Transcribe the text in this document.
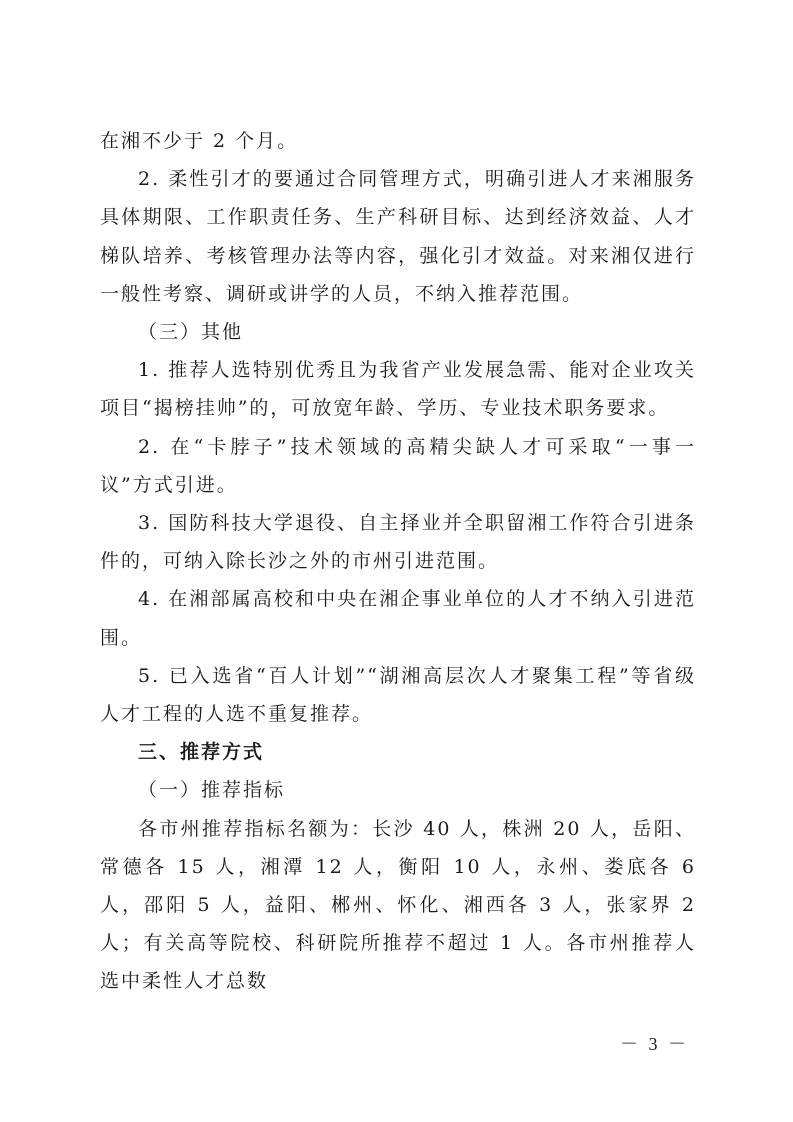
在湘不少于 2 个月。

2. 柔性引才的要通过合同管理方式，明确引进人才来湘服务具体期限、工作职责任务、生产科研目标、达到经济效益、人才梯队培养、考核管理办法等内容，强化引才效益。对来湘仅进行一般性考察、调研或讲学的人员，不纳入推荐范围。

（三）其他

1. 推荐人选特别优秀且为我省产业发展急需、能对企业攻关项目“揭榜挂帅”的，可放宽年龄、学历、专业技术职务要求。

2. 在“卡脖子”技术领域的高精尖缺人才可采取“一事一议”方式引进。

3. 国防科技大学退役、自主择业并全职留湘工作符合引进条件的，可纳入除长沙之外的市州引进范围。

4. 在湘部属高校和中央在湘企事业单位的人才不纳入引进范围。

5. 已入选省“百人计划”“湖湘高层次人才聚集工程”等省级人才工程的人选不重复推荐。

三、推荐方式

（一）推荐指标

各市州推荐指标名额为：长沙 40 人，株洲 20 人，岳阳、常德各 15 人，湘潭 12 人，衡阳 10 人，永州、娄底各 6 人，邵阳 5 人，益阳、郴州、怀化、湘西各 3 人，张家界 2 人；有关高等院校、科研院所推荐不超过 1 人。各市州推荐人选中柔性人才总数

－ 3 －
